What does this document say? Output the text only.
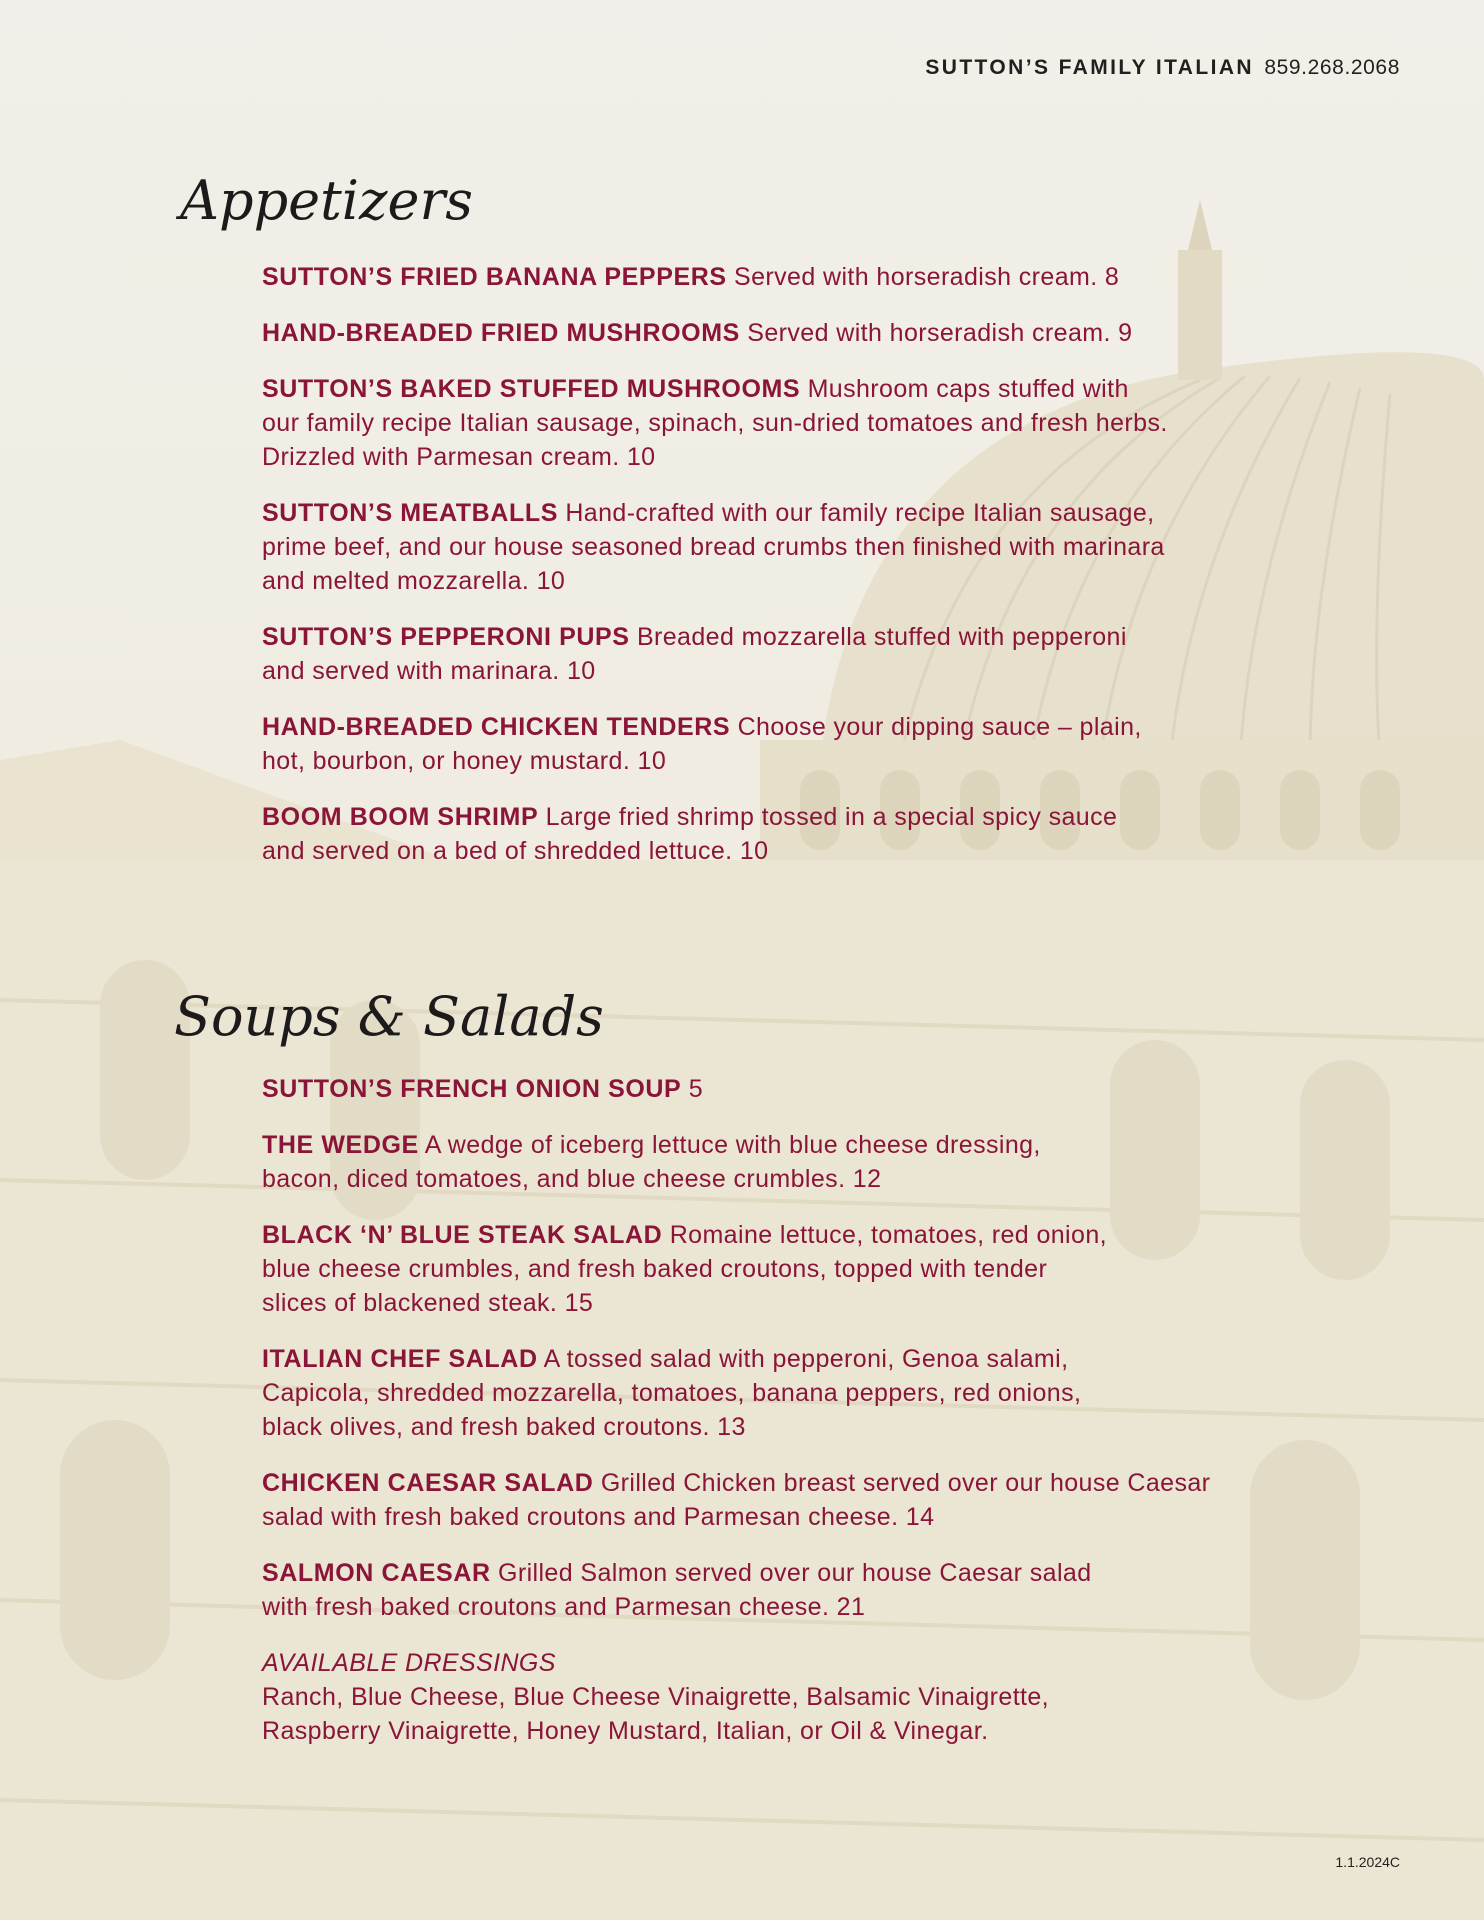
SUTTON’S FAMILY ITALIAN 859.268.2068
Appetizers
SUTTON’S FRIED BANANA PEPPERS Served with horseradish cream. 8
HAND-BREADED FRIED MUSHROOMS Served with horseradish cream. 9
SUTTON’S BAKED STUFFED MUSHROOMS Mushroom caps stuffed with
our family recipe Italian sausage, spinach, sun-dried tomatoes and fresh herbs.
Drizzled with Parmesan cream. 10
SUTTON’S MEATBALLS Hand-crafted with our family recipe Italian sausage,
prime beef, and our house seasoned bread crumbs then finished with marinara
and melted mozzarella. 10
SUTTON’S PEPPERONI PUPS Breaded mozzarella stuffed with pepperoni
and served with marinara. 10
HAND-BREADED CHICKEN TENDERS Choose your dipping sauce – plain,
hot, bourbon, or honey mustard. 10
BOOM BOOM SHRIMP Large fried shrimp tossed in a special spicy sauce
and served on a bed of shredded lettuce. 10
Soups & Salads
SUTTON’S FRENCH ONION SOUP 5
THE WEDGE A wedge of iceberg lettuce with blue cheese dressing,
bacon, diced tomatoes, and blue cheese crumbles. 12
BLACK ‘N’ BLUE STEAK SALAD Romaine lettuce, tomatoes, red onion,
blue cheese crumbles, and fresh baked croutons, topped with tender
slices of blackened steak. 15
ITALIAN CHEF SALAD A tossed salad with pepperoni, Genoa salami,
Capicola, shredded mozzarella, tomatoes, banana peppers, red onions,
black olives, and fresh baked croutons. 13
CHICKEN CAESAR SALAD Grilled Chicken breast served over our house Caesar
salad with fresh baked croutons and Parmesan cheese. 14
SALMON CAESAR Grilled Salmon served over our house Caesar salad
with fresh baked croutons and Parmesan cheese. 21
AVAILABLE DRESSINGS
Ranch, Blue Cheese, Blue Cheese Vinaigrette, Balsamic Vinaigrette,
Raspberry Vinaigrette, Honey Mustard, Italian, or Oil & Vinegar.
1.1.2024C
